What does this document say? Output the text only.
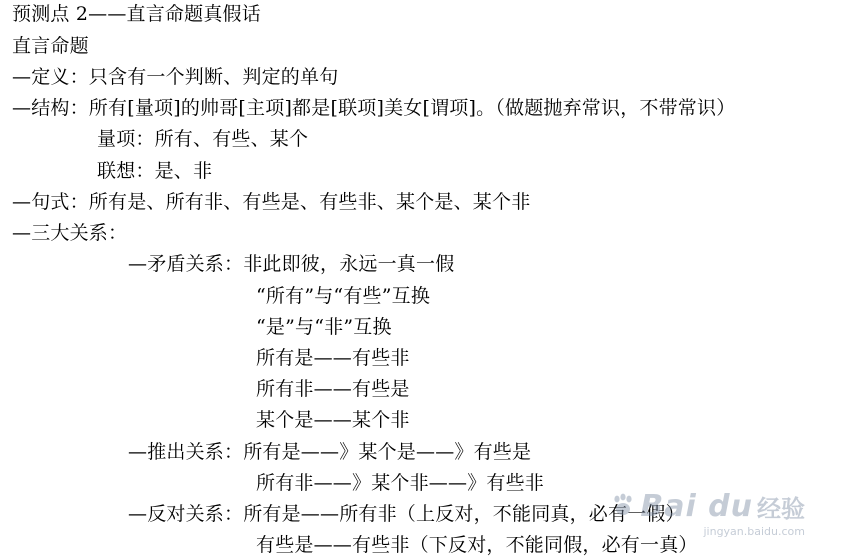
预测点 2——直言命题真假话
直言命题
—定义：只含有一个判断、判定的单句
—结构：所有[量项]的帅哥[主项]都是[联项]美女[谓项]。（做题抛弃常识，不带常识）
量项：所有、有些、某个
联想：是、非
—句式：所有是、所有非、有些是、有些非、某个是、某个非
—三大关系：
—矛盾关系：非此即彼，永远一真一假
“所有”与“有些”互换
“是”与“非”互换
所有是——有些非
所有非——有些是
某个是——某个非
—推出关系：所有是——》某个是——》有些是
所有非——》某个非——》有些非
—反对关系：所有是——所有非（上反对，不能同真，必有一假）
有些是——有些非（下反对，不能同假，必有一真）
Bai du 经验
jingyan.baidu.com
